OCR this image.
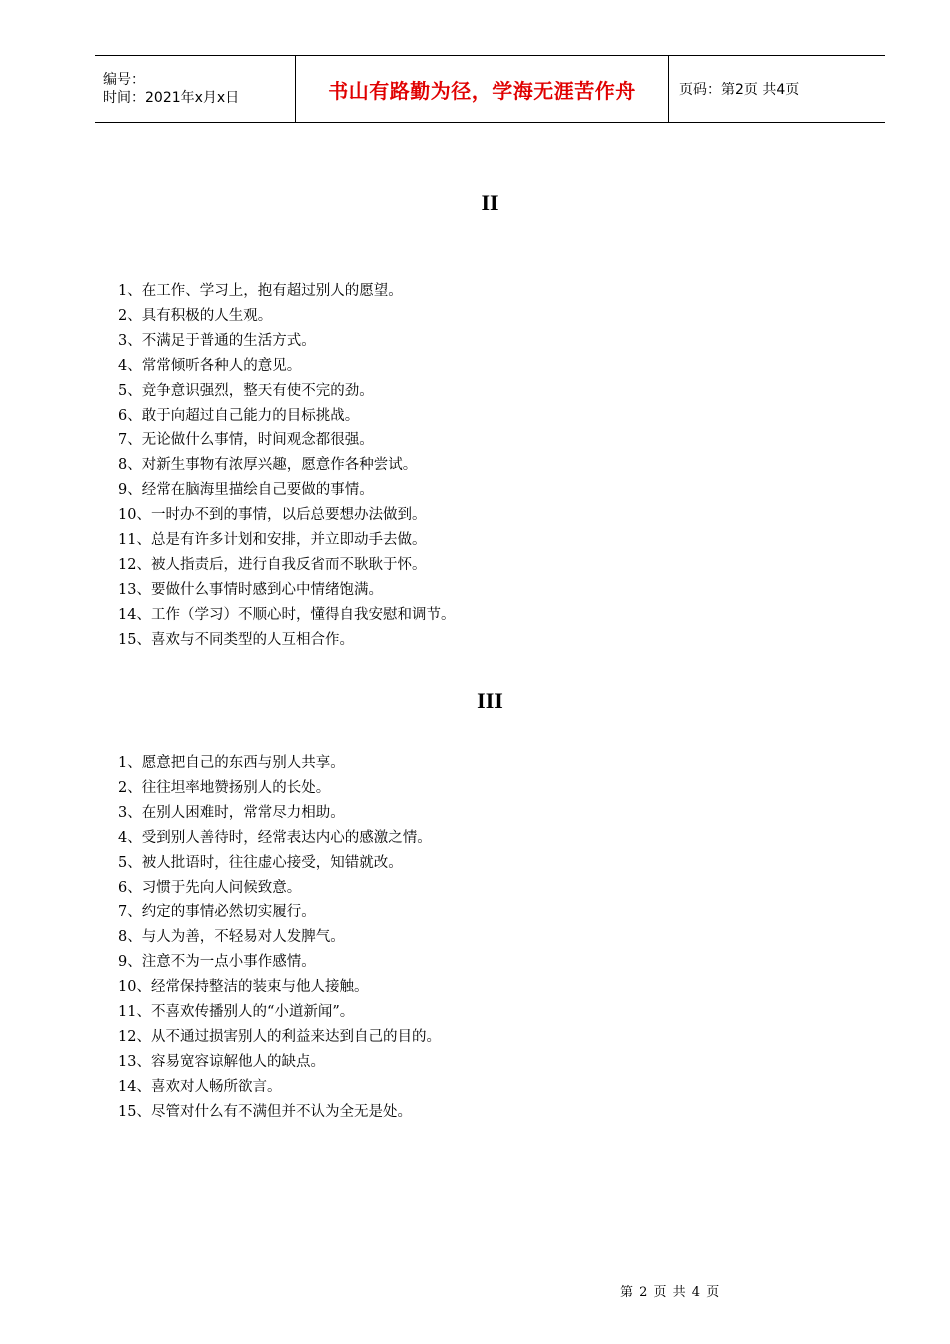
编号：
时间：2021年x月x日	书山有路勤为径，学海无涯苦作舟	页码：第2页 共4页
II
1、在工作、学习上，抱有超过别人的愿望。
2、具有积极的人生观。
3、不满足于普通的生活方式。
4、常常倾听各种人的意见。
5、竞争意识强烈，整天有使不完的劲。
6、敢于向超过自己能力的目标挑战。
7、无论做什么事情，时间观念都很强。
8、对新生事物有浓厚兴趣，愿意作各种尝试。
9、经常在脑海里描绘自己要做的事情。
10、一时办不到的事情，以后总要想办法做到。
11、总是有许多计划和安排，并立即动手去做。
12、被人指责后，进行自我反省而不耿耿于怀。
13、要做什么事情时感到心中情绪饱满。
14、工作（学习）不顺心时，懂得自我安慰和调节。
15、喜欢与不同类型的人互相合作。
III
1、愿意把自己的东西与别人共享。
2、往往坦率地赞扬别人的长处。
3、在别人困难时，常常尽力相助。
4、受到别人善待时，经常表达内心的感激之情。
5、被人批语时，往往虚心接受，知错就改。
6、习惯于先向人问候致意。
7、约定的事情必然切实履行。
8、与人为善，不轻易对人发脾气。
9、注意不为一点小事作感情。
10、经常保持整洁的装束与他人接触。
11、不喜欢传播别人的“小道新闻”。
12、从不通过损害别人的利益来达到自己的目的。
13、容易宽容谅解他人的缺点。
14、喜欢对人畅所欲言。
15、尽管对什么有不满但并不认为全无是处。
第 2 页 共 4 页
